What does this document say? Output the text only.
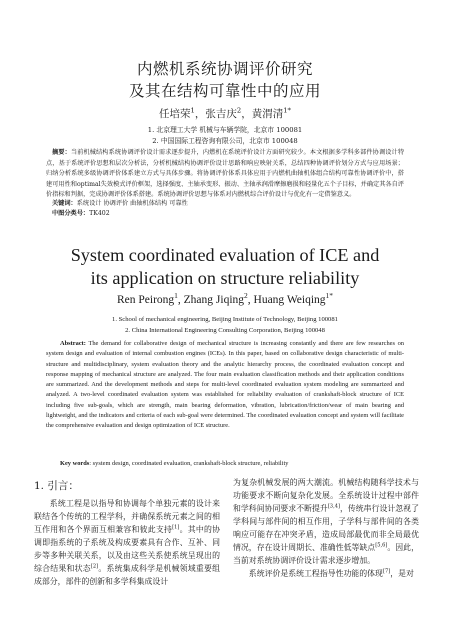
内燃机系统协调评价研究
及其在结构可靠性中的应用
任培荣$^1$，张吉庆$^2$，黄渭清$^{1*}$
1. 北京理工大学 机械与车辆学院，北京市 100081
2. 中国国际工程咨询有限公司，北京市 100048
摘要：当前机械结构系统协调评价设计需求逐步提升，内燃机在系统评价设计方面研究较少。本文根据多学科多部件协调设计特点，基于系统评价思想和层次分析法，分析机械结构协调评价设计思路和响应映射关系，总结四种协调评价划分方式与应用场景；归纳分析系统多级协调评价体系建立方式与具体步骤。将协调评价体系具体应用于内燃机曲轴机体组合结构可靠性协调评价中，搭建可用性和optimal失效模式评价框架，选择强度、主轴承变形、振动、主轴承润滑摩擦磨损和轻量化五个子目标，并确定其各自评价指标和判据，完成协调评价体系搭建。系统协调评价思想与体系对内燃机综合评价设计与优化有一定借鉴意义。
关键词：系统设计 协调评价 曲轴机体结构 可靠性
中图分类号：TK402
System coordinated evaluation of ICE and
its application on structure reliability
Ren Peirong$^1$, Zhang Jiqing$^2$, Huang Weiqing$^{1*}$
1. School of mechanical engineering, Beijing Institute of Technology, Beijing 100081
2. China International Engineering Consulting Corporation, Beijing 100048

Abstract: The demand for collaborative design of mechanical structure is increasing constantly and there are few researches on system design and evaluation of internal combustion engines (ICEs). In this paper, based on collaborative design characteristic of multi-structure and multidisciplinary, system evaluation theory and the analytic hierarchy process, the coordinated evaluation concept and response mapping of mechanical structure are analyzed. The four main evaluation classification methods and their application conditions are summarized. And the development methods and steps for multi-level coordinated evaluation system modeling are summarized and analyzed. A two-level coordinated evaluation system was established for reliability evaluation of crankshaft-block structure of ICE including five sub-goals, which are strength, main bearing deformation, vibration, lubrication/friction/wear of main bearing and lightweight, and the indicators and criteria of each sub-goal were determined. The coordinated evaluation concept and system will facilitate the comprehensive evaluation and design optimization of ICE structure.

Key words: system design, coordinated evaluation, crankshaft-block structure, reliability
1. 引言：

系统工程是以指导和协调每个单独元素的设计来联结各个传统的工程学科，并确保系统元素之间的相互作用和各个界面互相兼容和彼此支持[1]。其中的协调即指系统的子系统及构成要素具有合作、互补、同步等多种关联关系，以及由这些关系使系统呈现出的综合结果和状态[2]。系统集成科学是机械领域重要组成部分，部件的创新和多学科集成设计

为复杂机械发展的两大潮流。机械结构随科学技术与功能要求不断向复杂化发展。全系统设计过程中部件和学科间协同要求不断提升[3,4]，传统串行设计忽视了学科间与部件间的相互作用，子学科与部件间的各类响应可能存在冲突矛盾，造成局部最优而非全局最优情况，存在设计周期长、准确性低等缺点[5,6]。因此，当前对系统协调评价设计需求逐步增加。

系统评价是系统工程指导性功能的体现[7]，是对
